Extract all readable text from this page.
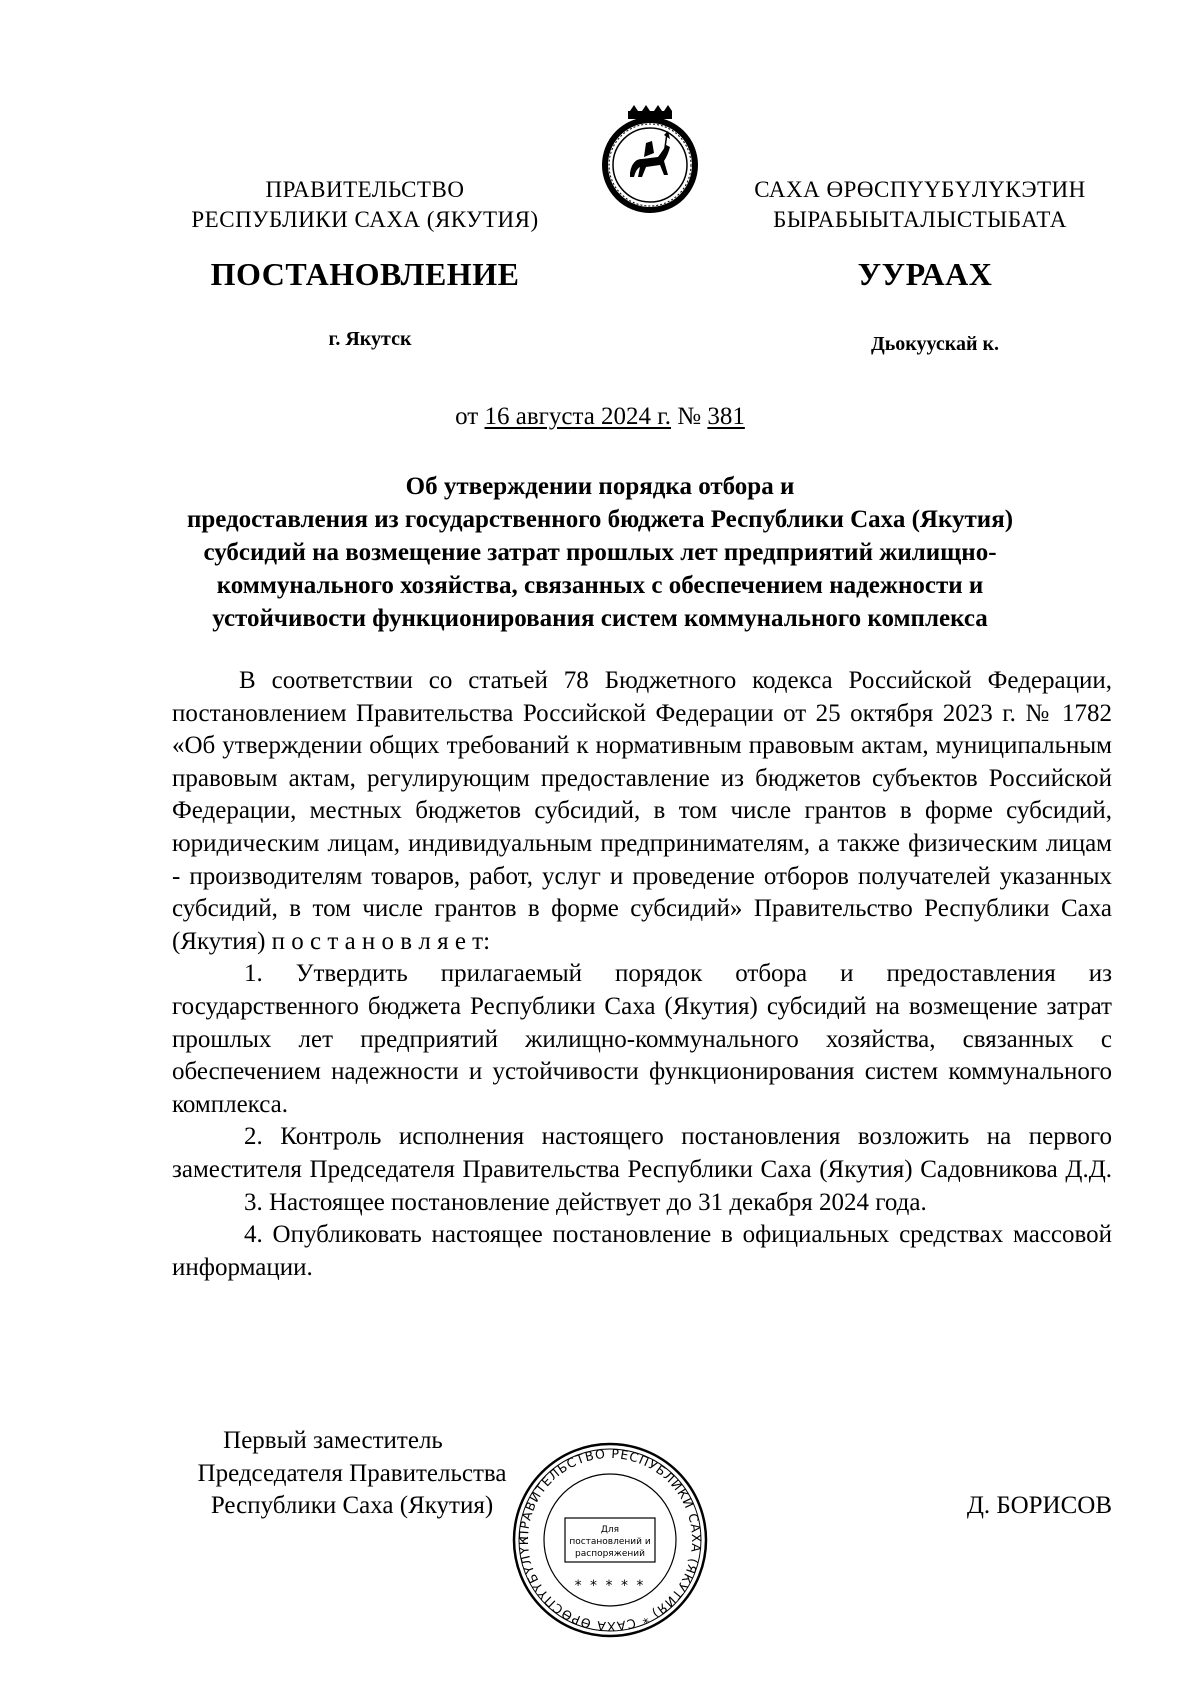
ПРАВИТЕЛЬСТВО
РЕСПУБЛИКИ САХА (ЯКУТИЯ)
САХА ӨРӨСПҮҮБҮЛҮКЭТИН
БЫРАБЫЫТАЛЫСТЫБАТА
ПОСТАНОВЛЕНИЕ	УУРААХ
г. Якутск	Дьокуускай к.
от 16 августа 2024 г. № 381
Об утверждении порядка отбора и
предоставления из государственного бюджета Республики Саха (Якутия)
субсидий на возмещение затрат прошлых лет предприятий жилищно-
коммунального хозяйства, связанных с обеспечением надежности и
устойчивости функционирования систем коммунального комплекса

В соответствии со статьей 78 Бюджетного кодекса Российской Федерации, постановлением Правительства Российской Федерации от 25 октября 2023 г. № 1782 «Об утверждении общих требований к нормативным правовым актам, муниципальным правовым актам, регулирующим предоставление из бюджетов субъектов Российской Федерации, местных бюджетов субсидий, в том числе грантов в форме субсидий, юридическим лицам, индивидуальным предпринимателям, а также физическим лицам - производителям товаров, работ, услуг и проведение отборов получателей указанных субсидий, в том числе грантов в форме субсидий» Правительство Республики Саха (Якутия) п о с т а н о в л я е т:

1. Утвердить прилагаемый порядок отбора и предоставления из государственного бюджета Республики Саха (Якутия) субсидий на возмещение затрат прошлых лет предприятий жилищно-коммунального хозяйства, связанных с обеспечением надежности и устойчивости функционирования систем коммунального комплекса.

2. Контроль исполнения настоящего постановления возложить на первого заместителя Председателя Правительства Республики Саха (Якутия) Садовникова Д.Д.

3. Настоящее постановление действует до 31 декабря 2024 года.

4. Опубликовать настоящее постановление в официальных средствах массовой информации.

Первый заместитель
Председателя Правительства
Республики Саха (Якутия)	Д. БОРИСОВ
ПРАВИТЕЛЬСТВО РЕСПУБЛИКИ САХА (ЯКУТИЯ) * САХА ӨРӨСПҮҮБҮЛҮК
Для
постановлений и
распоряжений
* * * * *
